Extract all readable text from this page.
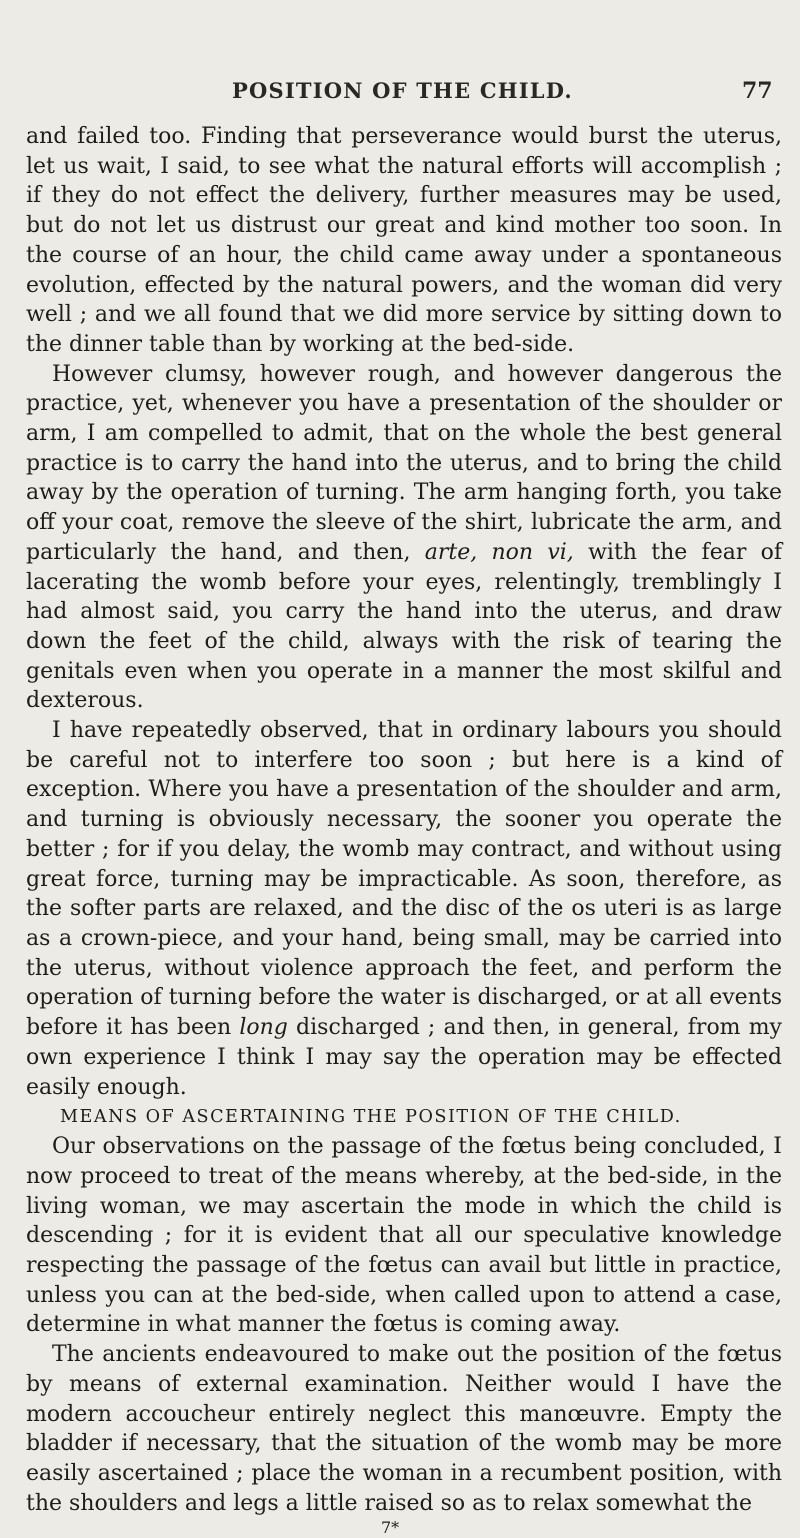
POSITION OF THE CHILD.	77

and failed too. Finding that perseverance would burst the uterus, let us wait, I said, to see what the natural efforts will accomplish ; if they do not effect the delivery, further measures may be used, but do not let us distrust our great and kind mother too soon. In the course of an hour, the child came away under a spontaneous evolution, effected by the natural powers, and the woman did very well ; and we all found that we did more service by sitting down to the dinner table than by working at the bed-side.

However clumsy, however rough, and however dangerous the practice, yet, whenever you have a presentation of the shoulder or arm, I am compelled to admit, that on the whole the best general practice is to carry the hand into the uterus, and to bring the child away by the operation of turning. The arm hanging forth, you take off your coat, remove the sleeve of the shirt, lubricate the arm, and particularly the hand, and then, arte, non vi, with the fear of lacerating the womb before your eyes, relentingly, tremblingly I had almost said, you carry the hand into the uterus, and draw down the feet of the child, always with the risk of tearing the genitals even when you operate in a manner the most skilful and dexterous.

I have repeatedly observed, that in ordinary labours you should be careful not to interfere too soon ; but here is a kind of exception. Where you have a presentation of the shoulder and arm, and turning is obviously necessary, the sooner you operate the better ; for if you delay, the womb may contract, and without using great force, turning may be impracticable. As soon, therefore, as the softer parts are relaxed, and the disc of the os uteri is as large as a crown-piece, and your hand, being small, may be carried into the uterus, without violence approach the feet, and perform the operation of turning before the water is discharged, or at all events before it has been long discharged ; and then, in general, from my own experience I think I may say the operation may be effected easily enough.

MEANS OF ASCERTAINING THE POSITION OF THE CHILD.

Our observations on the passage of the fœtus being concluded, I now proceed to treat of the means whereby, at the bed-side, in the living woman, we may ascertain the mode in which the child is descending ; for it is evident that all our speculative knowledge respecting the passage of the fœtus can avail but little in practice, unless you can at the bed-side, when called upon to attend a case, determine in what manner the fœtus is coming away.

The ancients endeavoured to make out the position of the fœtus by means of external examination. Neither would I have the modern accoucheur entirely neglect this manœuvre. Empty the bladder if necessary, that the situation of the womb may be more easily ascertained ; place the woman in a recumbent position, with the shoulders and legs a little raised so as to relax somewhat the

7*
